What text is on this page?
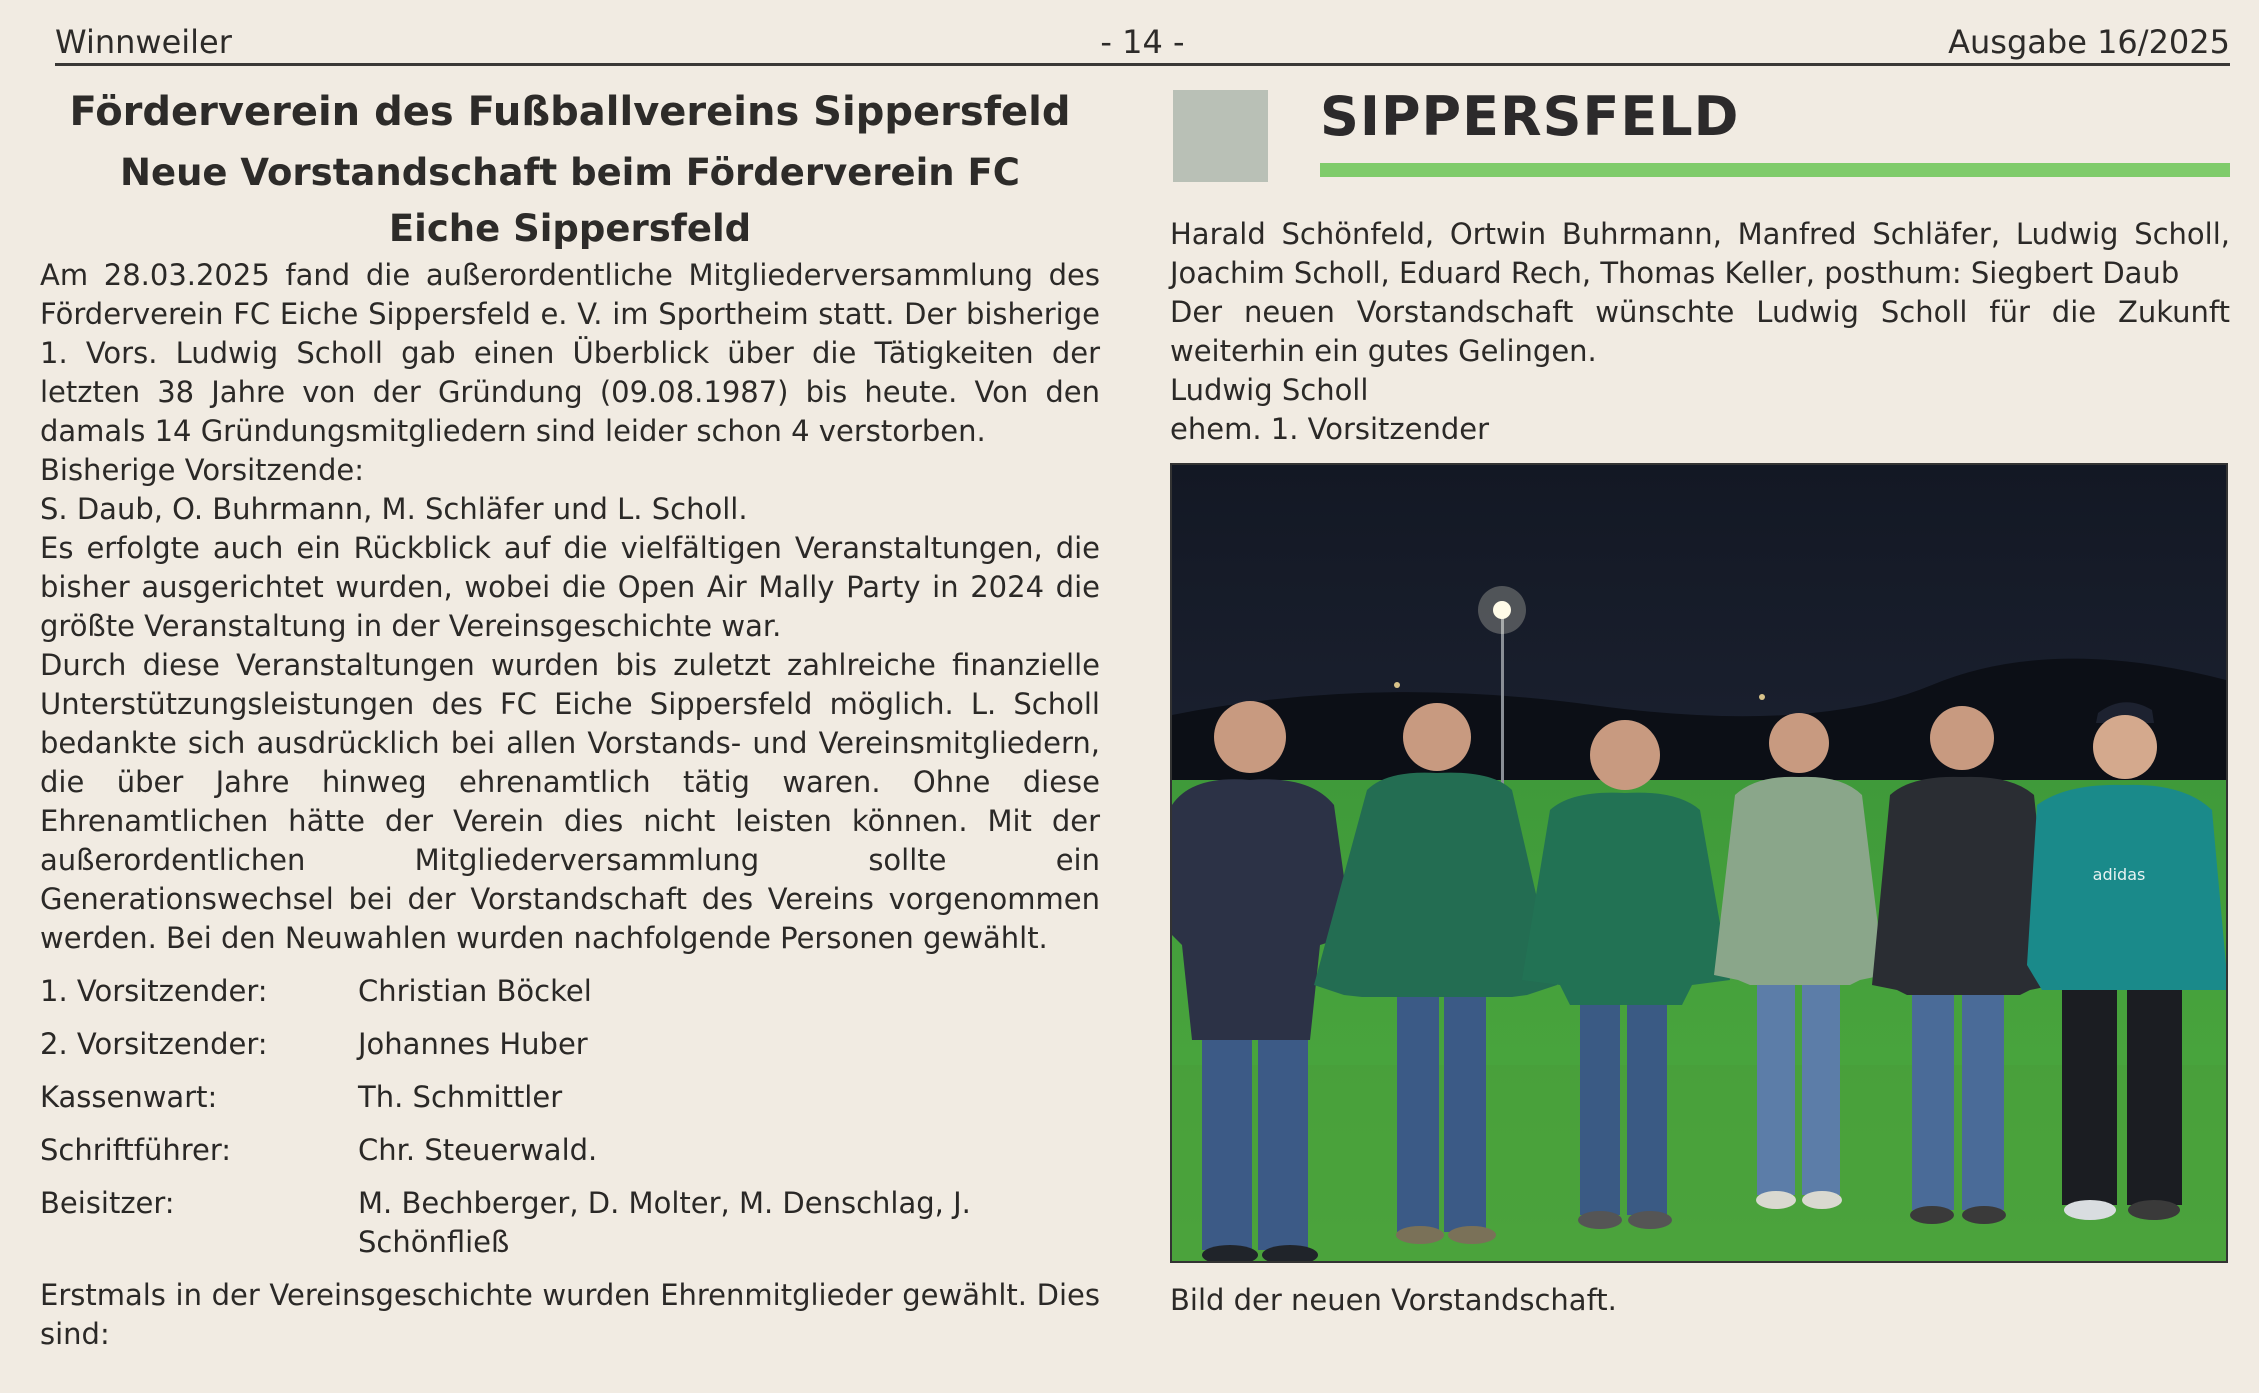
Winnweiler	- 14 -	Ausgabe 16/2025
Förderverein des Fußballvereins Sippersfeld
Neue Vorstandschaft beim Förderverein FC Eiche Sippersfeld

Am 28.03.2025 fand die außerordentliche Mitgliederversammlung des Förderverein FC Eiche Sippersfeld e. V. im Sportheim statt. Der bisherige 1. Vors. Ludwig Scholl gab einen Überblick über die Tätigkeiten der letzten 38 Jahre von der Gründung (09.08.1987) bis heute. Von den damals 14 Gründungsmitgliedern sind leider schon 4 verstorben.

Bisherige Vorsitzende:

S. Daub, O. Buhrmann, M. Schläfer und L. Scholl.

Es erfolgte auch ein Rückblick auf die vielfältigen Veranstaltungen, die bisher ausgerichtet wurden, wobei die Open Air Mally Party in 2024 die größte Veranstaltung in der Vereinsgeschichte war.

Durch diese Veranstaltungen wurden bis zuletzt zahlreiche finanzielle Unterstützungsleistungen des FC Eiche Sippersfeld möglich. L. Scholl bedankte sich ausdrücklich bei allen Vorstands- und Vereinsmitgliedern, die über Jahre hinweg ehrenamtlich tätig waren. Ohne diese Ehrenamtlichen hätte der Verein dies nicht leisten können. Mit der außerordentlichen Mitgliederversammlung sollte ein Generationswechsel bei der Vorstandschaft des Vereins vorgenommen werden. Bei den Neuwahlen wurden nachfolgende Personen gewählt.

1. Vorsitzender:	Christian Böckel
2. Vorsitzender:	Johannes Huber
Kassenwart:	Th. Schmittler
Schriftführer:	Chr. Steuerwald.
Beisitzer:	M. Bechberger, D. Molter, M. Denschlag, J. Schönfließ
Erstmals in der Vereinsgeschichte wurden Ehrenmitglieder gewählt. Dies sind:
SIPPERSFELD

Harald Schönfeld, Ortwin Buhrmann, Manfred Schläfer, Ludwig Scholl, Joachim Scholl, Eduard Rech, Thomas Keller, posthum: Siegbert Daub

Der neuen Vorstandschaft wünschte Ludwig Scholl für die Zukunft weiterhin ein gutes Gelingen.

Ludwig Scholl

ehem. 1. Vorsitzender

adidas
Bild der neuen Vorstandschaft.
